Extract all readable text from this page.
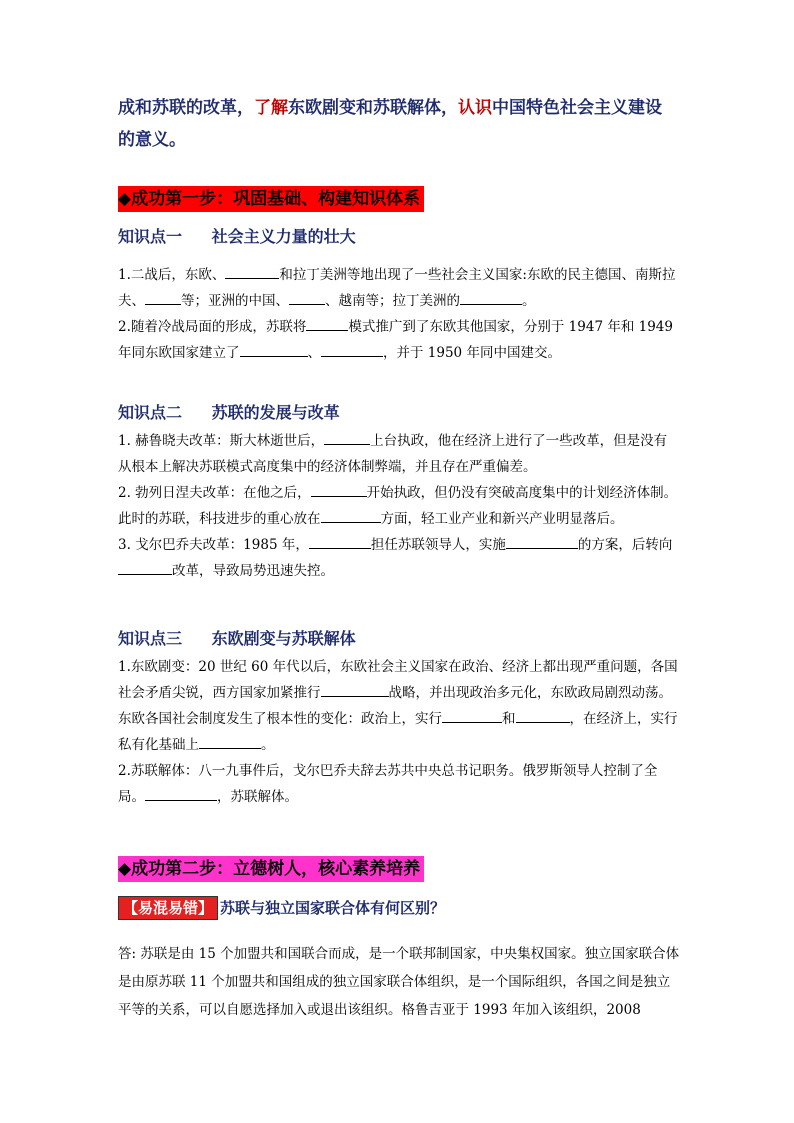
成和苏联的改革，了解东欧剧变和苏联解体，认识中国特色社会主义建设的意义。
◆成功第一步：巩固基础、构建知识体系
知识点一 社会主义力量的壮大

1.二战后，东欧、	和拉丁美洲等地出现了一些社会主义国家:东欧的民主德国、南斯拉夫、	等；亚洲的中国、	、越南等；拉丁美洲的	。

2.随着冷战局面的形成，苏联将	模式推广到了东欧其他国家，分别于 1947 年和 1949 年同东欧国家建立了	、	，并于 1950 年同中国建交。

知识点二 苏联的发展与改革

1. 赫鲁晓夫改革：斯大林逝世后，	上台执政，他在经济上进行了一些改革，但是没有从根本上解决苏联模式高度集中的经济体制弊端，并且存在严重偏差。

2. 勃列日涅夫改革：在他之后，	开始执政，但仍没有突破高度集中的计划经济体制。此时的苏联，科技进步的重心放在	方面，轻工业产业和新兴产业明显落后。

3. 戈尔巴乔夫改革：1985 年，	担任苏联领导人，实施	的方案，后转向改革，导致局势迅速失控。

知识点三 东欧剧变与苏联解体

1.东欧剧变：20 世纪 60 年代以后，东欧社会主义国家在政治、经济上都出现严重问题，各国社会矛盾尖锐，西方国家加紧推行	战略，并出现政治多元化，东欧政局剧烈动荡。东欧各国社会制度发生了根本性的变化：政治上，实行	和	，在经济上，实行私有化基础上	。

2.苏联解体：八一九事件后，戈尔巴乔夫辞去苏共中央总书记职务。俄罗斯领导人控制了全局。	，苏联解体。

◆成功第二步：立德树人，核心素养培养
【易混易错】 苏联与独立国家联合体有何区别？
答: 苏联是由 15 个加盟共和国联合而成，是一个联邦制国家，中央集权国家。独立国家联合体是由原苏联 11 个加盟共和国组成的独立国家联合体组织，是一个国际组织，各国之间是独立平等的关系，可以自愿选择加入或退出该组织。格鲁吉亚于 1993 年加入该组织，2008
